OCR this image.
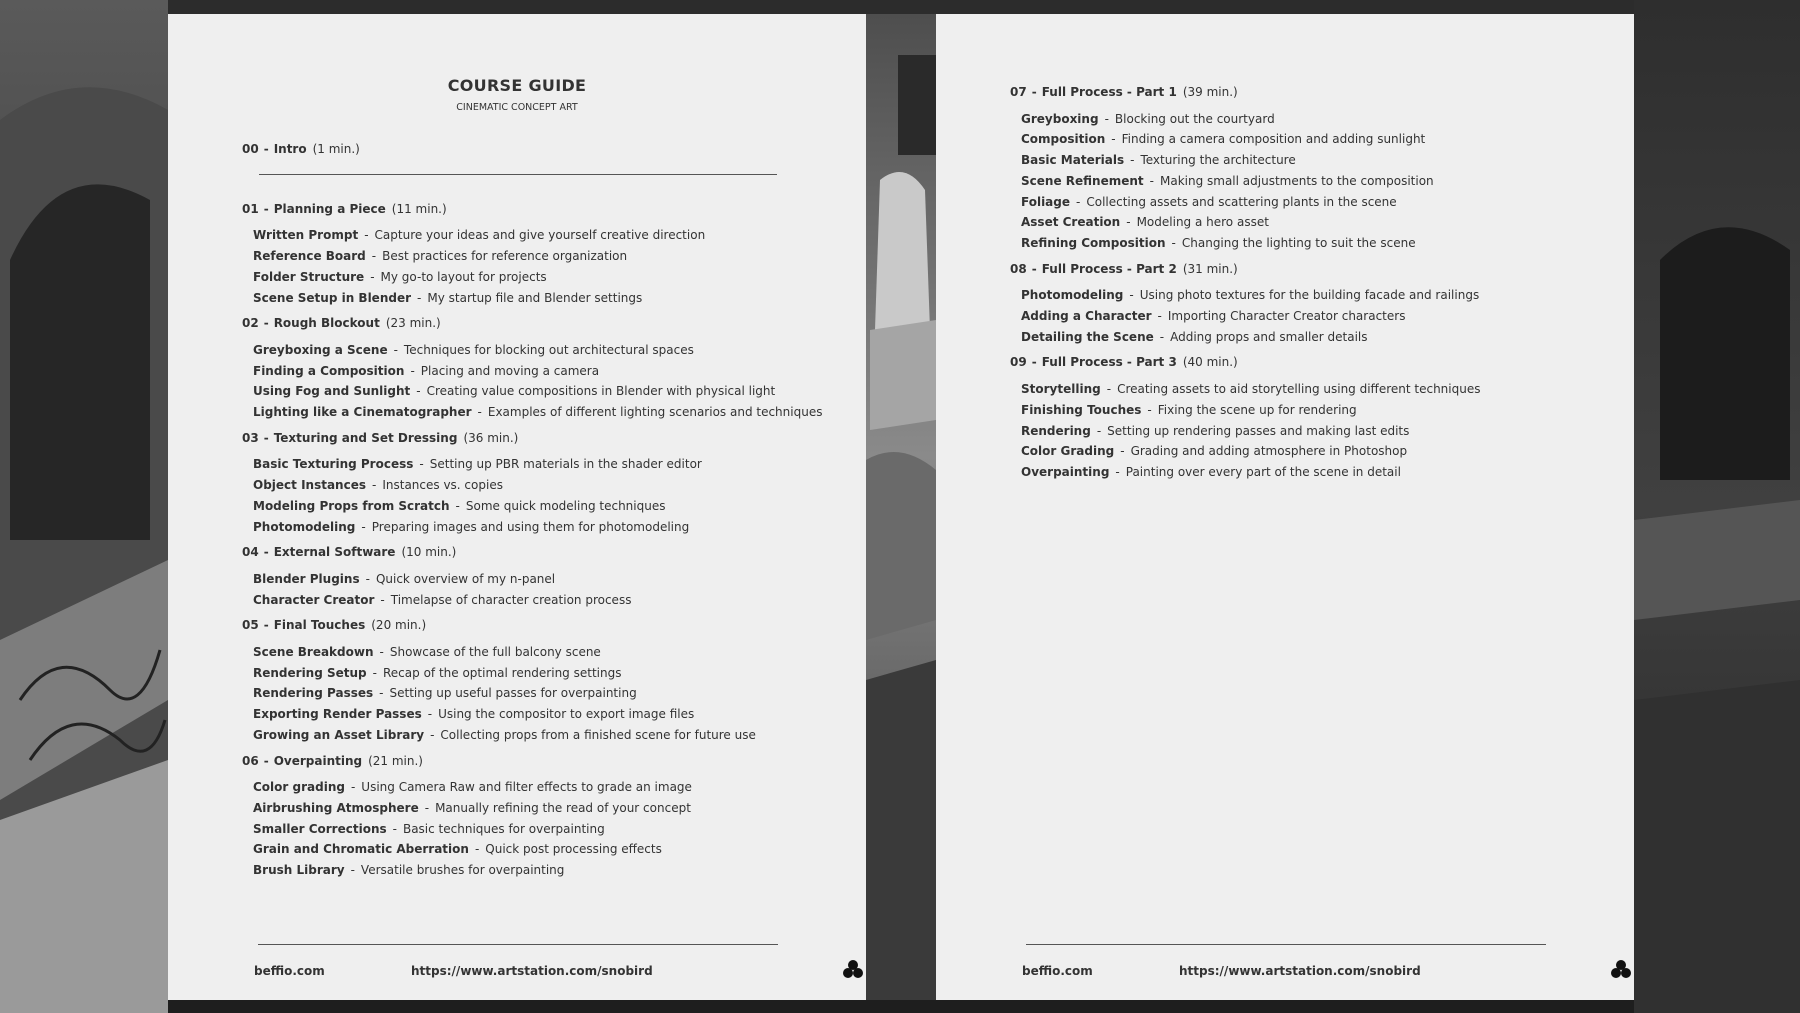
COURSE GUIDE
CINEMATIC CONCEPT ART
00 - Intro (1 min.)
01 - Planning a Piece (11 min.)
Written Prompt - Capture your ideas and give yourself creative direction
Reference Board - Best practices for reference organization
Folder Structure - My go-to layout for projects
Scene Setup in Blender - My startup file and Blender settings
02 - Rough Blockout (23 min.)
Greyboxing a Scene - Techniques for blocking out architectural spaces
Finding a Composition - Placing and moving a camera
Using Fog and Sunlight - Creating value compositions in Blender with physical light
Lighting like a Cinematographer - Examples of different lighting scenarios and techniques
03 - Texturing and Set Dressing (36 min.)
Basic Texturing Process - Setting up PBR materials in the shader editor
Object Instances - Instances vs. copies
Modeling Props from Scratch - Some quick modeling techniques
Photomodeling - Preparing images and using them for photomodeling
04 - External Software (10 min.)
Blender Plugins - Quick overview of my n-panel
Character Creator - Timelapse of character creation process
05 - Final Touches (20 min.)
Scene Breakdown - Showcase of the full balcony scene
Rendering Setup - Recap of the optimal rendering settings
Rendering Passes - Setting up useful passes for overpainting
Exporting Render Passes - Using the compositor to export image files
Growing an Asset Library - Collecting props from a finished scene for future use
06 - Overpainting (21 min.)
Color grading - Using Camera Raw and filter effects to grade an image
Airbrushing Atmosphere - Manually refining the read of your concept
Smaller Corrections - Basic techniques for overpainting
Grain and Chromatic Aberration - Quick post processing effects
Brush Library - Versatile brushes for overpainting
beffio.com	https://www.artstation.com/snobird
07 - Full Process - Part 1 (39 min.)
Greyboxing - Blocking out the courtyard
Composition - Finding a camera composition and adding sunlight
Basic Materials - Texturing the architecture
Scene Refinement - Making small adjustments to the composition
Foliage - Collecting assets and scattering plants in the scene
Asset Creation - Modeling a hero asset
Refining Composition - Changing the lighting to suit the scene
08 - Full Process - Part 2 (31 min.)
Photomodeling - Using photo textures for the building facade and railings
Adding a Character - Importing Character Creator characters
Detailing the Scene - Adding props and smaller details
09 - Full Process - Part 3 (40 min.)
Storytelling - Creating assets to aid storytelling using different techniques
Finishing Touches - Fixing the scene up for rendering
Rendering - Setting up rendering passes and making last edits
Color Grading - Grading and adding atmosphere in Photoshop
Overpainting - Painting over every part of the scene in detail
beffio.com	https://www.artstation.com/snobird
